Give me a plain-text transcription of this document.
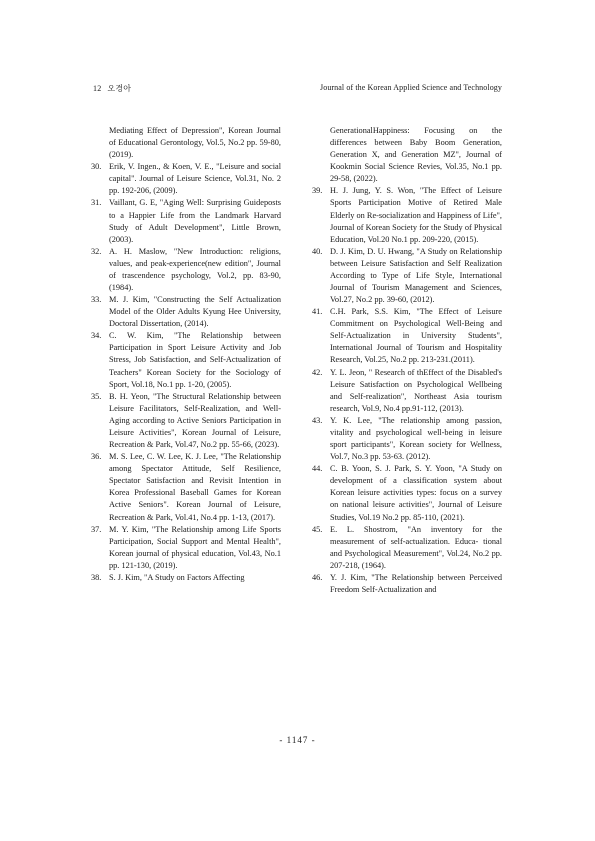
12 오경아	Journal of the Korean Applied Science and Technology

Mediating Effect of Depression", Korean Journal of Educational Gerontology, Vol.5, No.2 pp. 59-80, (2019).

30. Erik, V. Ingen., & Koen, V. E., "Leisure and social capital". Journal of Leisure Science, Vol.31, No. 2 pp. 192-206, (2009).

31. Vaillant, G. E, "Aging Well: Surprising Guideposts to a Happier Life from the Landmark Harvard Study of Adult Development", Little Brown, (2003).

32. A. H. Maslow, "New Introduction: religions, values, and peak-experience(new edition", Journal of trascendence psychology, Vol.2, pp. 83-90, (1984).

33. M. J. Kim, "Constructing the Self Actualization Model of the Older Adults Kyung Hee University, Doctoral Dissertation, (2014).

34. C. W. Kim, "The Relationship between Participation in Sport Leisure Activity and Job Stress, Job Satisfaction, and Self-Actualization of Teachers" Korean Society for the Sociology of Sport, Vol.18, No.1 pp. 1-20, (2005).

35. B. H. Yeon, "The Structural Relationship between Leisure Facilitators, Self-Realization, and Well-Aging according to Active Seniors Participation in Leisure Activities", Korean Journal of Leisure, Recreation & Park, Vol.47, No.2 pp. 55-66, (2023).

36. M. S. Lee, C. W. Lee, K. J. Lee, "The Relationship among Spectator Attitude, Self Resilience, Spectator Satisfaction and Revisit Intention in Korea Professional Baseball Games for Korean Active Seniors". Korean Journal of Leisure, Recreation & Park, Vol.41, No.4 pp. 1-13, (2017).

37. M. Y. Kim, "The Relationship among Life Sports Participation, Social Support and Mental Health", Korean journal of physical education, Vol.43, No.1 pp. 121-130, (2019).

38. S. J. Kim, "A Study on Factors Affecting

GenerationalHappiness: Focusing on the differences between Baby Boom Generation, Generation X, and Generation MZ", Journal of Kookmin Social Science Revies, Vol.35, No.1 pp. 29-58, (2022).

39. H. J. Jung, Y. S. Won, "The Effect of Leisure Sports Participation Motive of Retired Male Elderly on Re-socialization and Happiness of Life", Journal of Korean Society for the Study of Physical Education, Vol.20 No.1 pp. 209-220, (2015).

40. D. J. Kim, D. U. Hwang, "A Study on Relationship between Leisure Satisfaction and Self Realization According to Type of Life Style, International Journal of Tourism Management and Sciences, Vol.27, No.2 pp. 39-60, (2012).

41. C.H. Park, S.S. Kim, "The Effect of Leisure Commitment on Psychological Well-Being and Self-Actualization in University Students", International Journal of Tourism and Hospitality Research, Vol.25, No.2 pp. 213-231.(2011).

42. Y. L. Jeon, " Research of thEffect of the Disabled's Leisure Satisfaction on Psychological Wellbeing and Self-realization", Northeast Asia tourism research, Vol.9, No.4 pp.91-112, (2013).

43. Y. K. Lee, "The relationship among passion, vitality and psychological well-being in leisure sport participants", Korean society for Wellness, Vol.7, No.3 pp. 53-63. (2012).

44. C. B. Yoon, S. J. Park, S. Y. Yoon, "A Study on development of a classification system about Korean leisure activities types: focus on a survey on national leisure activities", Journal of Leisure Studies, Vol.19 No.2 pp. 85-110, (2021).

45. E. L. Shostrom, "An inventory for the measurement of self-actualization. Educa- tional and Psychological Measurement", Vol.24, No.2 pp. 207-218, (1964).

46. Y. J. Kim, "The Relationship between Perceived Freedom Self-Actualization and

- 1147 -
